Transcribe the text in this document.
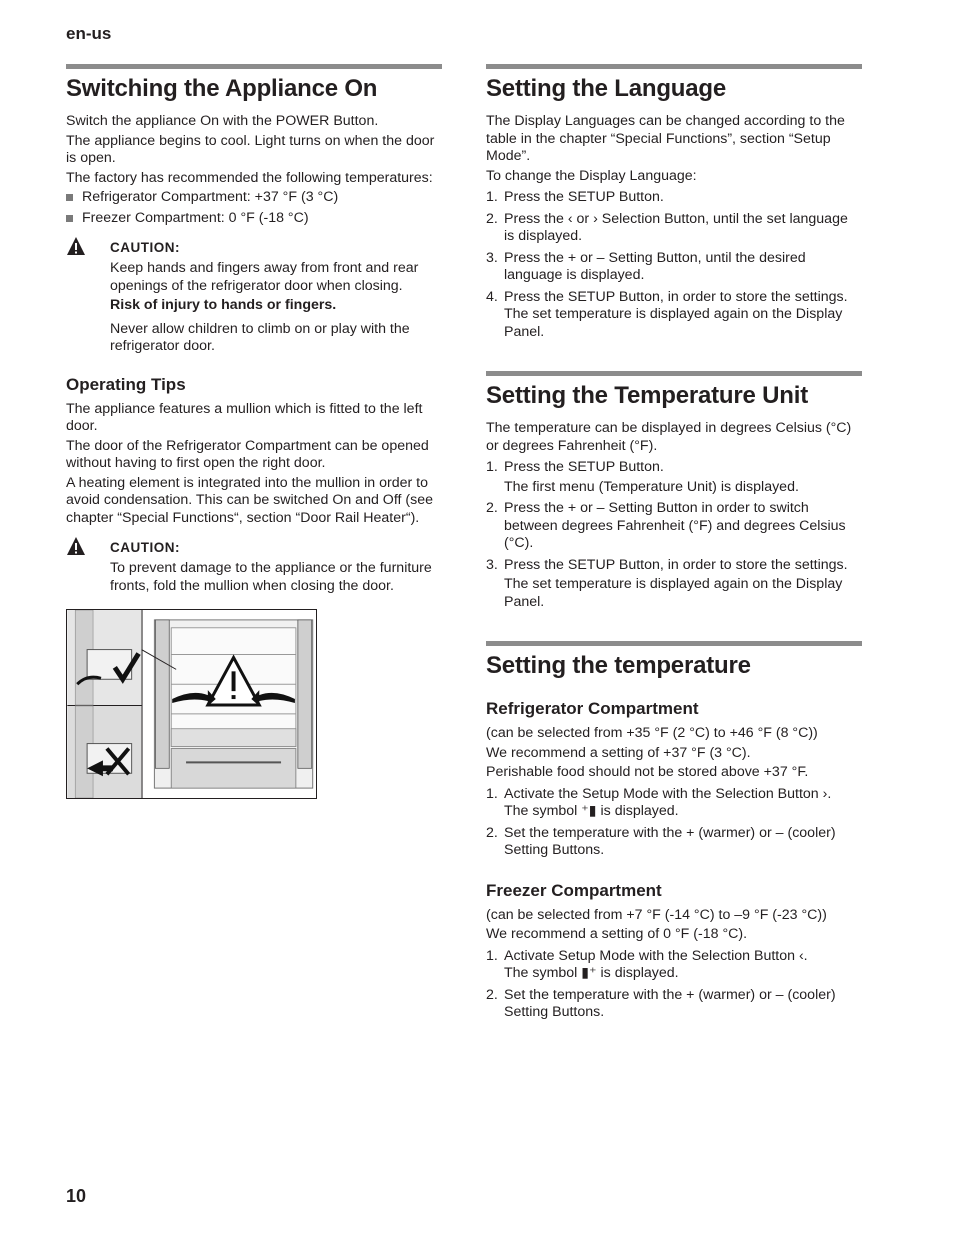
en-us
Switching the Appliance On

Switch the appliance On with the POWER Button.

The appliance begins to cool. Light turns on when the door is open.

The factory has recommended the following temperatures:

Refrigerator Compartment: +37 °F (3 °C)
Freezer Compartment: 0 °F (-18 °C)
CAUTION:

Keep hands and fingers away from front and rear openings of the refrigerator door when closing.

Risk of injury to hands or fingers.

Never allow children to climb on or play with the refrigerator door.

Operating Tips

The appliance features a mullion which is fitted to the left door.

The door of the Refrigerator Compartment can be opened without having to first open the right door.

A heating element is integrated into the mullion in order to avoid condensation. This can be switched On and Off (see chapter “Special Functions“, section “Door Rail Heater“).

CAUTION:

To prevent damage to the appliance or the furniture fronts, fold the mullion when closing the door.

Setting the Language

The Display Languages can be changed according to the table in the chapter “Special Functions”, section “Setup Mode”.

To change the Display Language:

1. Press the SETUP Button.
2. Press the ‹ or › Selection Button, until the set language is displayed.
3. Press the + or – Setting Button, until the desired language is displayed.
4. Press the SETUP Button, in order to store the settings.
The set temperature is displayed again on the Display Panel.
Setting the Temperature Unit

The temperature can be displayed in degrees Celsius (°C) or degrees Fahrenheit (°F).

1. Press the SETUP Button.
The first menu (Temperature Unit) is displayed.
2. Press the + or – Setting Button in order to switch between degrees Fahrenheit (°F) and degrees Celsius (°C).
3. Press the SETUP Button, in order to store the settings.
The set temperature is displayed again on the Display Panel.
Setting the temperature
Refrigerator Compartment

(can be selected from +35 °F (2 °C) to +46 °F (8 °C))

We recommend a setting of +37 °F (3 °C).

Perishable food should not be stored above +37 °F.

1. Activate the Setup Mode with the Selection Button ›.
The symbol ⁺▮ is displayed.
2. Set the temperature with the + (warmer) or – (cooler) Setting Buttons.
Freezer Compartment

(can be selected from +7 °F (-14 °C) to –9 °F (-23 °C))

We recommend a setting of 0 °F (-18 °C).

1. Activate Setup Mode with the Selection Button ‹.
The symbol ▮⁺ is displayed.
2. Set the temperature with the + (warmer) or – (cooler) Setting Buttons.
10
